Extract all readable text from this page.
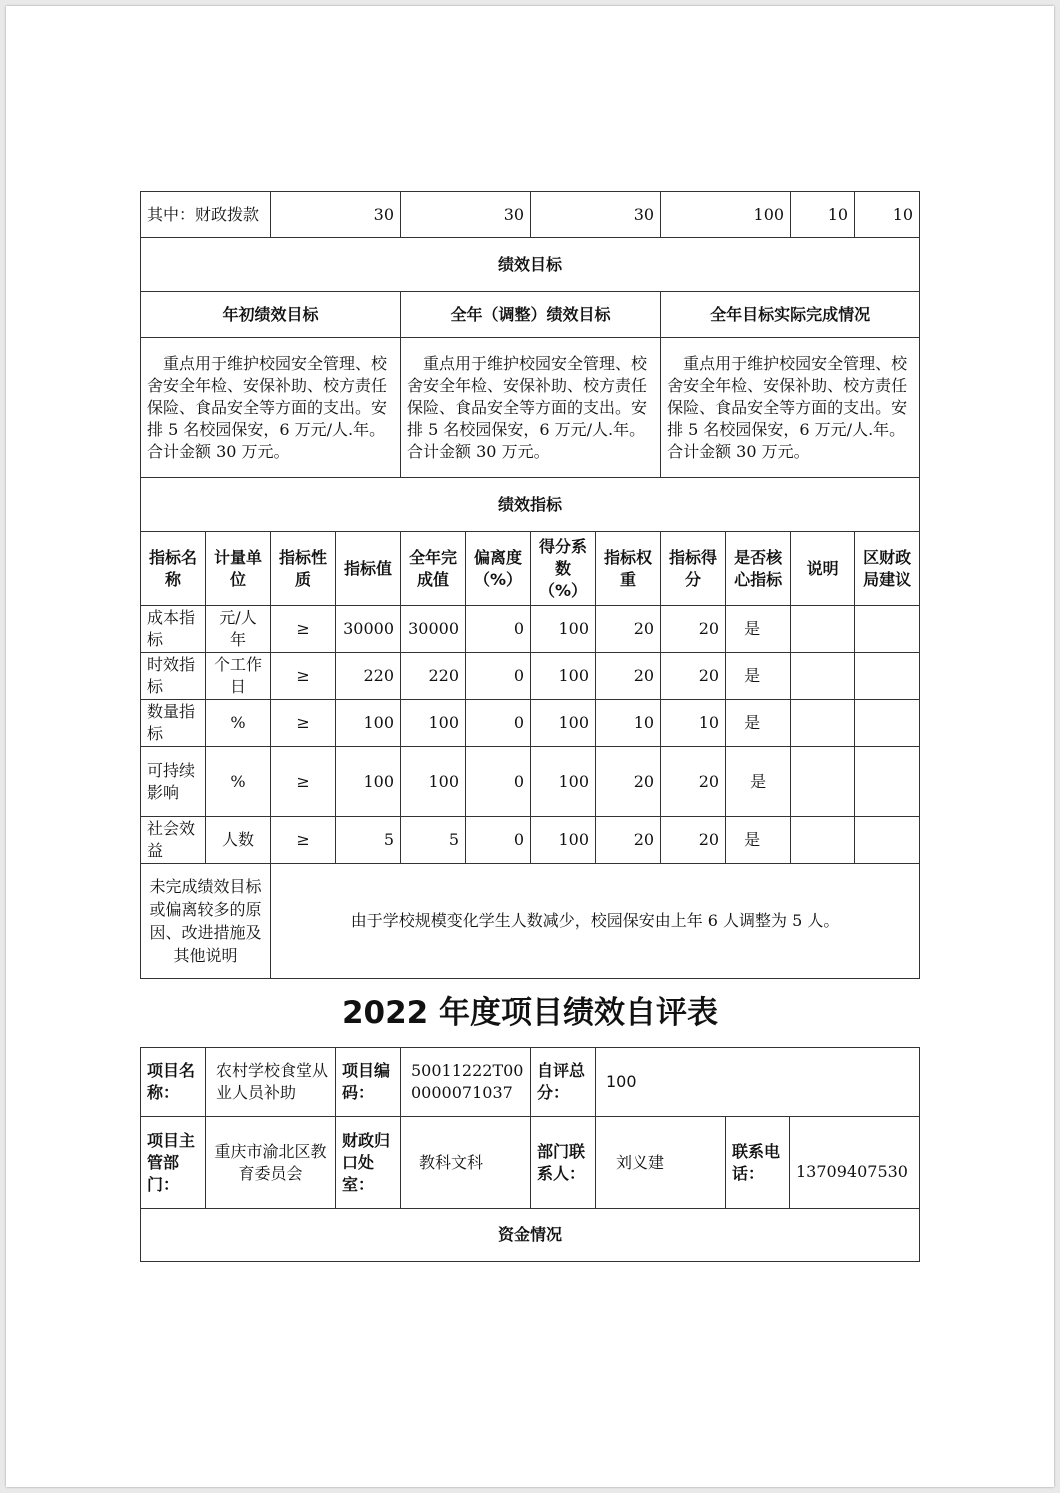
其中：财政拨款		30		30		30		100		10	10
绩效目标											
年初绩效目标				全年（调整）绩效目标				全年目标实际完成情况			
重点用于维护校园安全管理、校舍安全年检、安保补助、校方责任保险、食品安全等方面的支出。安排 5 名校园保安，6 万元/人.年。合计金额 30 万元。				重点用于维护校园安全管理、校舍安全年检、安保补助、校方责任保险、食品安全等方面的支出。安排 5 名校园保安，6 万元/人.年。合计金额 30 万元。				重点用于维护校园安全管理、校舍安全年检、安保补助、校方责任保险、食品安全等方面的支出。安排 5 名校园保安，6 万元/人.年。合计金额 30 万元。			
绩效指标											
指标名称	计量单位	指标性质	指标值	全年完成值	偏离度（%）	得分系数（%）	指标权重	指标得分	是否核心指标	说明	区财政局建议
成本指标	元/人年	≥	30000	30000	0	100	20	20	是		
时效指标	个工作日	≥	220	220	0	100	20	20	是		
数量指标	%	≥	100	100	0	100	10	10	是		
可持续影响	%	≥	100	100	0	100	20	20	是		
社会效益	人数	≥	5	5	0	100	20	20	是		
未完成绩效目标或偏离较多的原因、改进措施及其他说明		由于学校规模变化学生人数减少，校园保安由上年 6 人调整为 5 人。									
2022 年度项目绩效自评表
项目名称：	农村学校食堂从业人员补助	项目编码：	50011222T000000071037	自评总分：	100		
项目主管部门：	重庆市渝北区教育委员会	财政归口处室：	教科文科	部门联系人：	刘义建	联系电话：	13709407530
资金情况							
